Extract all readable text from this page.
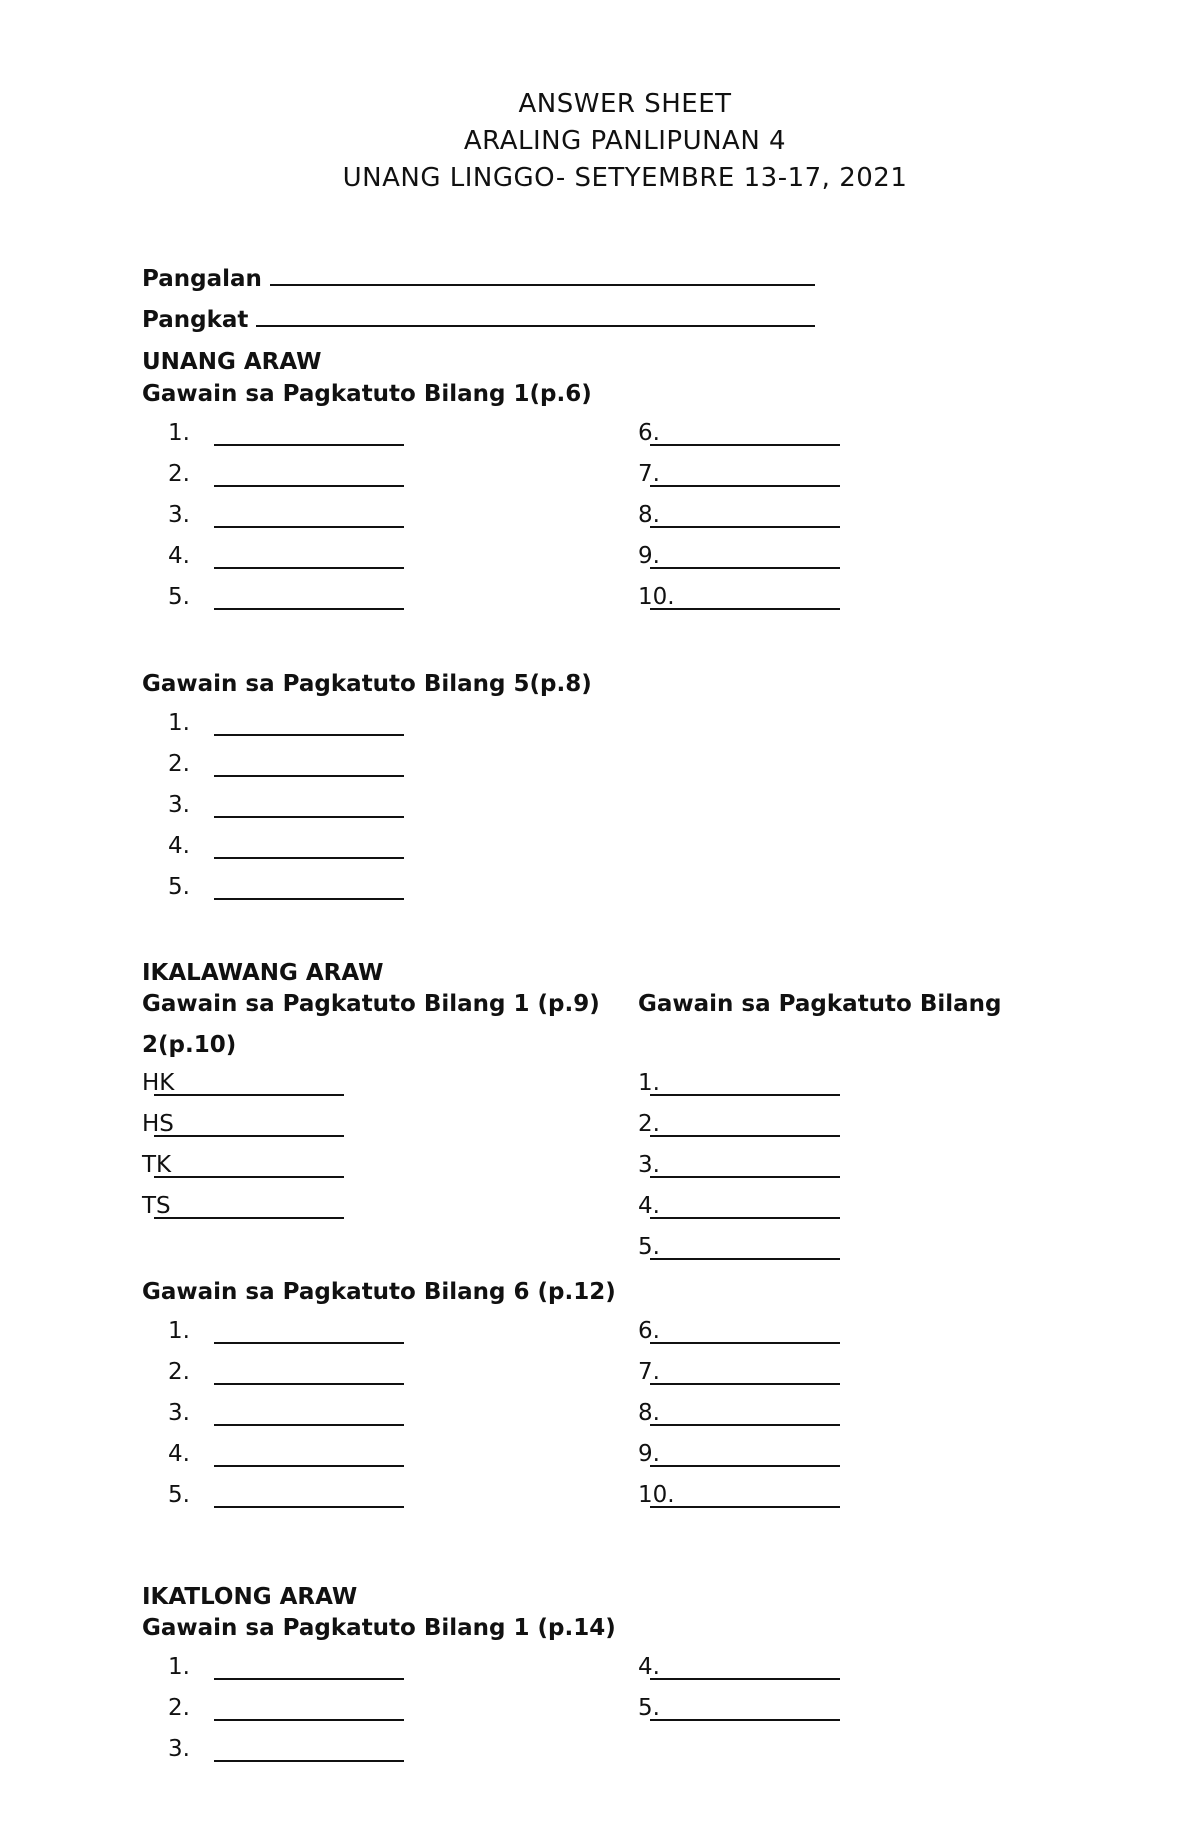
ANSWER SHEET
ARALING PANLIPUNAN 4
UNANG LINGGO- SETYEMBRE 13-17, 2021
Pangalan
Pangkat
UNANG ARAW
Gawain sa Pagkatuto Bilang 1(p.6)
Gawain sa Pagkatuto Bilang 5(p.8)
IKALAWANG ARAW
Gawain sa Pagkatuto Bilang 1 (p.9) Gawain sa Pagkatuto Bilang
2(p.10)
Gawain sa Pagkatuto Bilang 6 (p.12)
IKATLONG ARAW
Gawain sa Pagkatuto Bilang 1 (p.14)
1.
2.
3.
4.
5.
6.
7.
8.
9.
10.
1.
2.
3.
4.
5.
HK
HS
TK
TS
1.
2.
3.
4.
5.
1.
2.
3.
4.
5.
6.
7.
8.
9.
10.
1.
2.
3.
4.
5.
